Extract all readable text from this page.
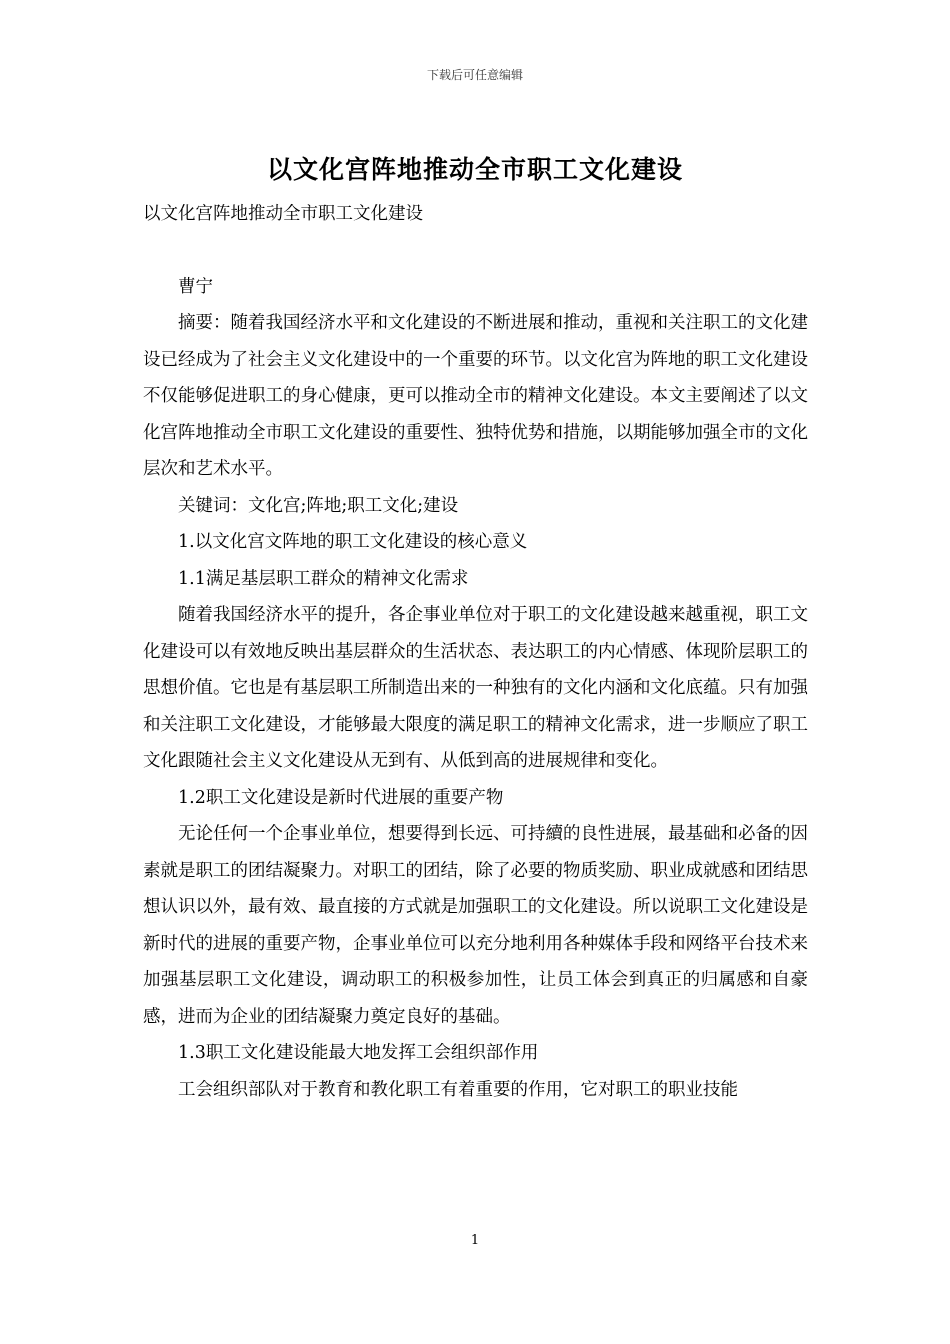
下载后可任意编辑
以文化宫阵地推动全市职工文化建设

以文化宫阵地推动全市职工文化建设

曹宁

摘要：随着我国经济水平和文化建设的不断进展和推动，重视和关注职工的文化建设已经成为了社会主义文化建设中的一个重要的环节。以文化宫为阵地的职工文化建设不仅能够促进职工的身心健康，更可以推动全市的精神文化建设。本文主要阐述了以文化宫阵地推动全市职工文化建设的重要性、独特优势和措施，以期能够加强全市的文化层次和艺术水平。

关键词：文化宫;阵地;职工文化;建设

1.以文化宫文阵地的职工文化建设的核心意义

1.1满足基层职工群众的精神文化需求

随着我国经济水平的提升，各企事业单位对于职工的文化建设越来越重视，职工文化建设可以有效地反映出基层群众的生活状态、表达职工的内心情感、体现阶层职工的思想价值。它也是有基层职工所制造出来的一种独有的文化内涵和文化底蕴。只有加强和关注职工文化建设，才能够最大限度的满足职工的精神文化需求，进一步顺应了职工文化跟随社会主义文化建设从无到有、从低到高的进展规律和变化。

1.2职工文化建设是新时代进展的重要产物

无论任何一个企事业单位，想要得到长远、可持續的良性进展，最基础和必备的因素就是职工的团结凝聚力。对职工的团结，除了必要的物质奖励、职业成就感和团结思想认识以外，最有效、最直接的方式就是加强职工的文化建设。所以说职工文化建设是新时代的进展的重要产物，企事业单位可以充分地利用各种媒体手段和网络平台技术来加强基层职工文化建设，调动职工的积极参加性，让员工体会到真正的归属感和自豪感，进而为企业的团结凝聚力奠定良好的基础。

1.3职工文化建设能最大地发挥工会组织部作用

工会组织部队对于教育和教化职工有着重要的作用，它对职工的职业技能

1
